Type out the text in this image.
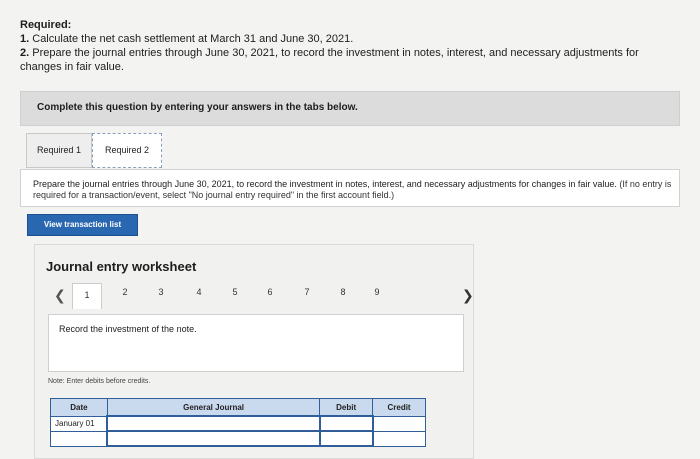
Required:
1. Calculate the net cash settlement at March 31 and June 30, 2021.
2. Prepare the journal entries through June 30, 2021, to record the investment in notes, interest, and necessary adjustments for changes in fair value.
Complete this question by entering your answers in the tabs below.
Required 1	Required 2
Prepare the journal entries through June 30, 2021, to record the investment in notes, interest, and necessary adjustments for changes in fair value. (If no entry is required for a transaction/event, select "No journal entry required" in the first account field.)
View transaction list
Journal entry worksheet
❮	1	2	3	4	5	6	7	8	9	❯
Record the investment of the note.
Note: Enter debits before credits.
Date	General Journal	Debit	Credit
January 01			
